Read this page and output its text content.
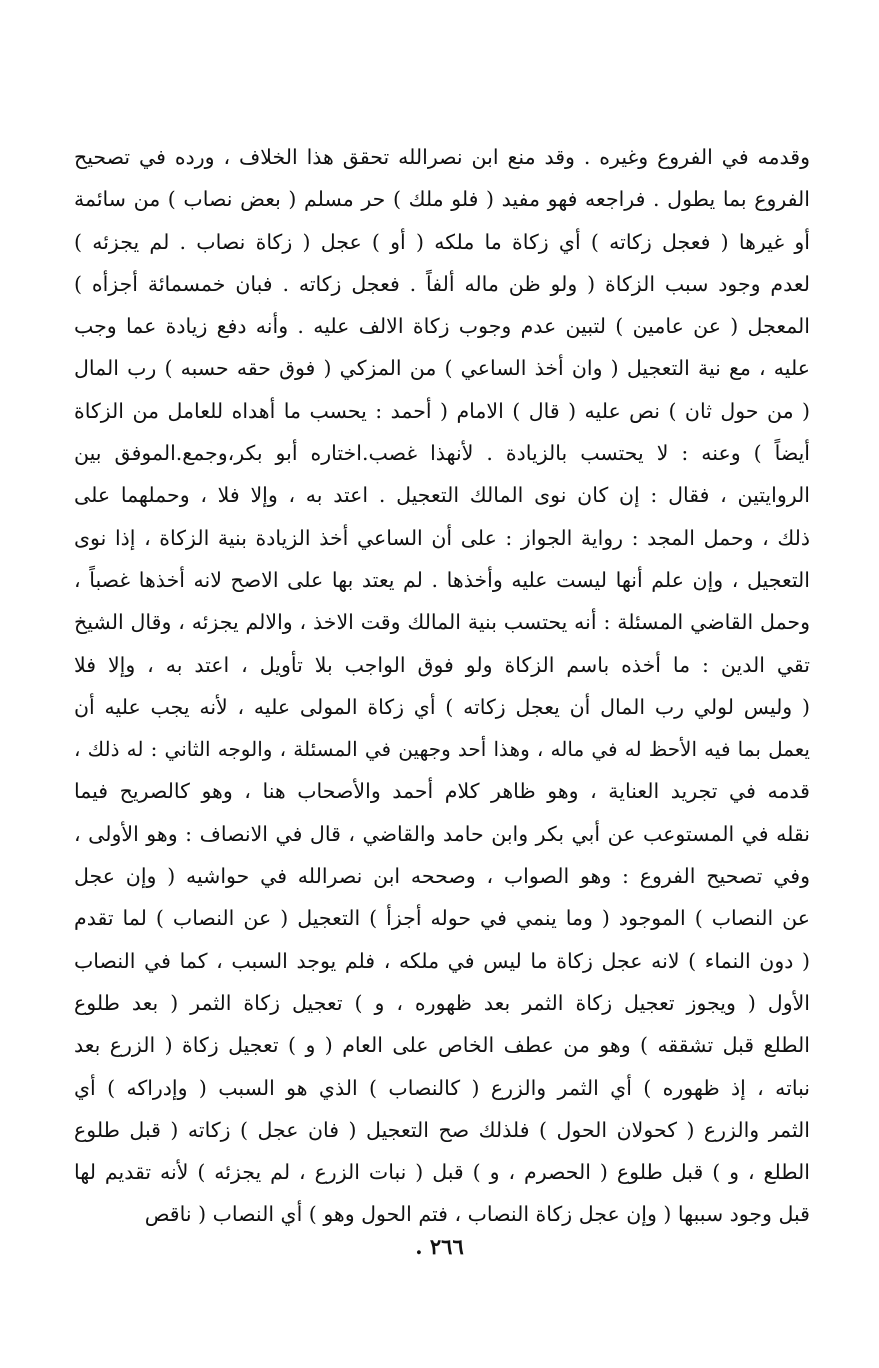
وقدمه في الفروع وغيره . وقد منع ابن نصرالله تحقق هذا الخلاف ، ورده في تصحيح
الفروع بما يطول . فراجعه فهو مفيد ( فلو ملك ) حر مسلم ( بعض نصاب ) من سائمة
أو غيرها ( فعجل زكاته ) أي زكاة ما ملكه ( أو ) عجل ( زكاة نصاب . لم يجزئه )
لعدم وجود سبب الزكاة ( ولو ظن ماله ألفاً . فعجل زكاته . فبان خمسمائة أجزأه )
المعجل ( عن عامين ) لتبين عدم وجوب زكاة الالف عليه . وأنه دفع زيادة عما وجب
عليه ، مع نية التعجيل ( وان أخذ الساعي ) من المزكي ( فوق حقه حسبه ) رب المال
( من حول ثان ) نص عليه ( قال ) الامام ( أحمد : يحسب ما أهداه للعامل من الزكاة
أيضاً ) وعنه : لا يحتسب بالزيادة . لأنهذا غصب.اختاره أبو بكر،وجمع.الموفق بين
الروايتين ، فقال : إن كان نوى المالك التعجيل . اعتد به ، وإلا فلا ، وحملهما على
ذلك ، وحمل المجد : رواية الجواز : على أن الساعي أخذ الزيادة بنية الزكاة ، إذا نوى
التعجيل ، وإن علم أنها ليست عليه وأخذها . لم يعتد بها على الاصح لانه أخذها غصباً ،
وحمل القاضي المسئلة : أنه يحتسب بنية المالك وقت الاخذ ، والالم يجزئه ، وقال الشيخ
تقي الدين : ما أخذه باسم الزكاة ولو فوق الواجب بلا تأويل ، اعتد به ، وإلا فلا
( وليس لولي رب المال أن يعجل زكاته ) أي زكاة المولى عليه ، لأنه يجب عليه أن
يعمل بما فيه الأحظ له في ماله ، وهذا أحد وجهين في المسئلة ، والوجه الثاني : له ذلك ،
قدمه في تجريد العناية ، وهو ظاهر كلام أحمد والأصحاب هنا ، وهو كالصريح فيما
نقله في المستوعب عن أبي بكر وابن حامد والقاضي ، قال في الانصاف : وهو الأولى ،
وفي تصحيح الفروع : وهو الصواب ، وصححه ابن نصرالله في حواشيه ( وإن عجل
عن النصاب ) الموجود ( وما ينمي في حوله أجزأ ) التعجيل ( عن النصاب ) لما تقدم
( دون النماء ) لانه عجل زكاة ما ليس في ملكه ، فلم يوجد السبب ، كما في النصاب
الأول ( ويجوز تعجيل زكاة الثمر بعد ظهوره ، و ) تعجيل زكاة الثمر ( بعد طلوع
الطلع قبل تشققه ) وهو من عطف الخاص على العام ( و ) تعجيل زكاة ( الزرع بعد
نباته ، إذ ظهوره ) أي الثمر والزرع ( كالنصاب ) الذي هو السبب ( وإدراكه ) أي
الثمر والزرع ( كحولان الحول ) فلذلك صح التعجيل ( فان عجل ) زكاته ( قبل طلوع
الطلع ، و ) قبل طلوع ( الحصرم ، و ) قبل ( نبات الزرع ، لم يجزئه ) لأنه تقديم لها
قبل وجود سببها ( وإن عجل زكاة النصاب ، فتم الحول وهو ) أي النصاب ( ناقص
٢٦٦ .
